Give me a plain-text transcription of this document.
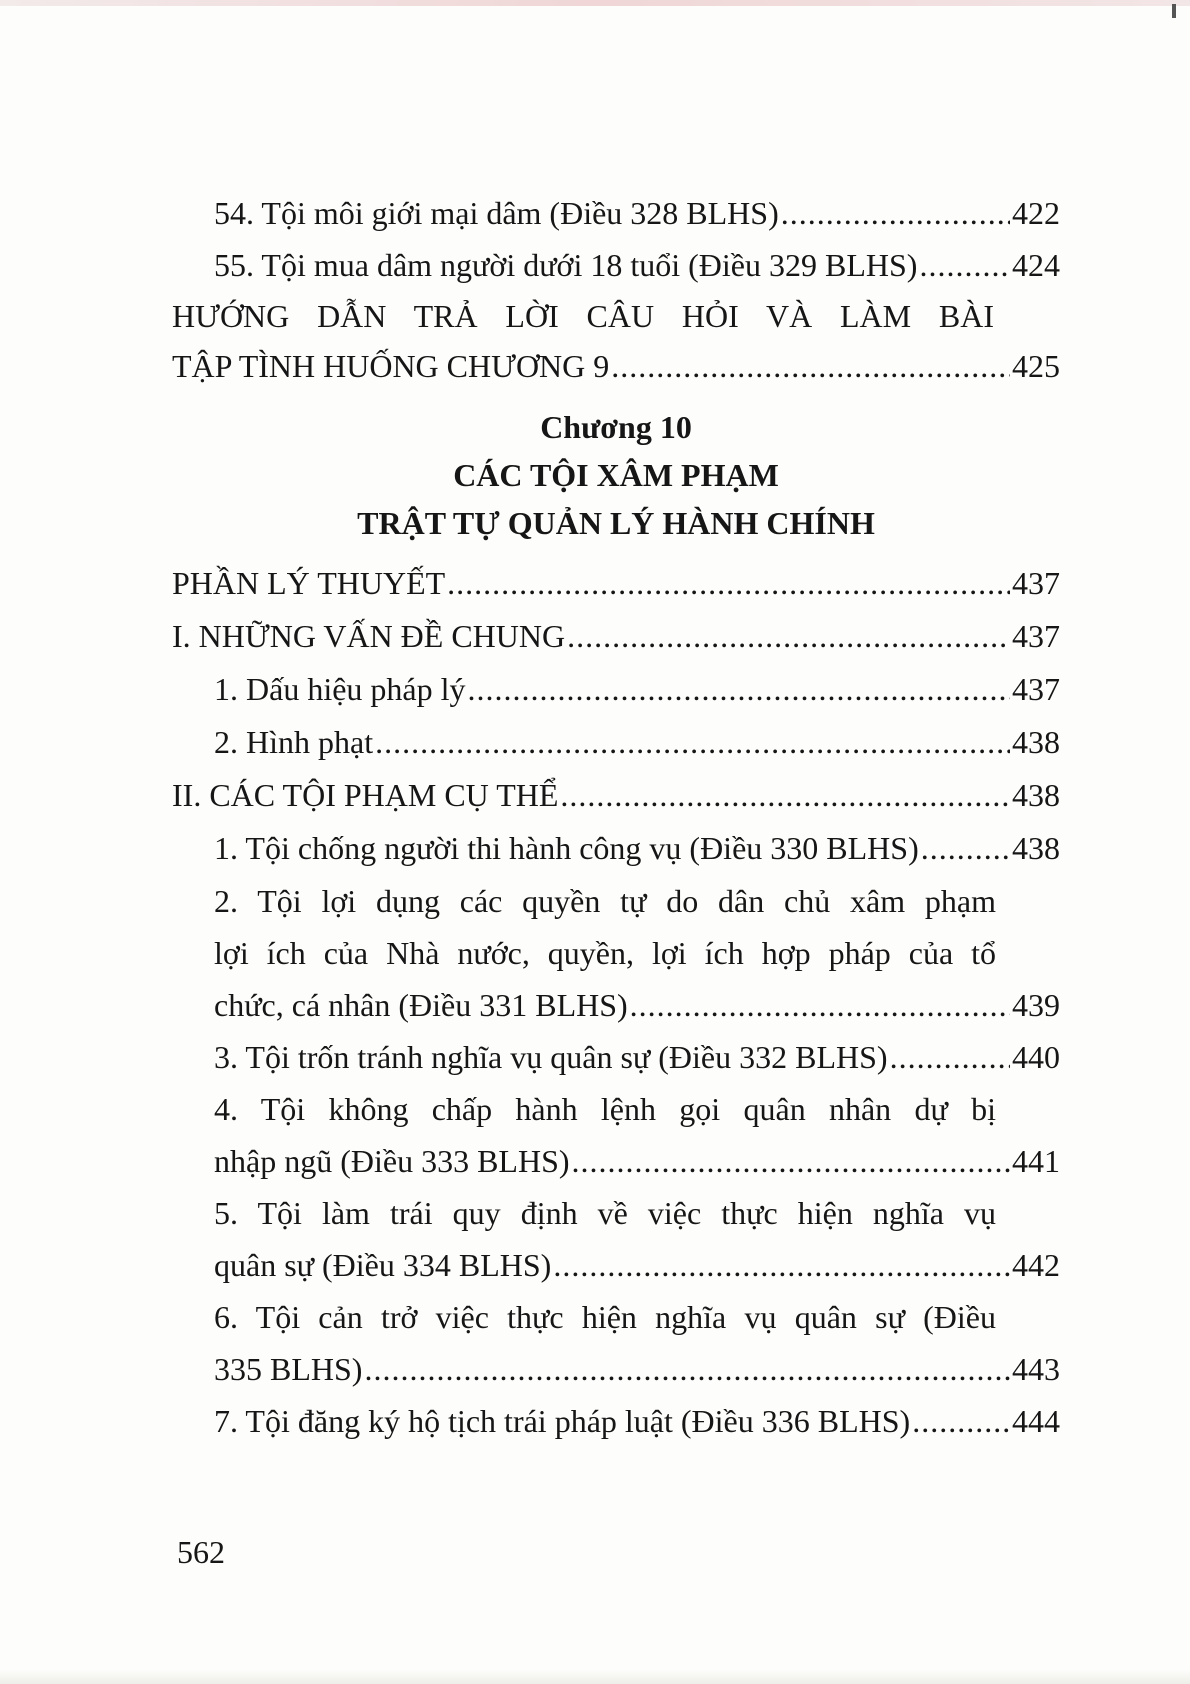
54. Tội môi giới mại dâm (Điều 328 BLHS) .....	422
55. Tội mua dâm người dưới 18 tuổi (Điều 329 BLHS) .....	424
HƯỚNG DẪN TRẢ LỜI CÂU HỎI VÀ LÀM BÀI
TẬP TÌNH HUỐNG CHƯƠNG 9 .....	425
Chương 10
CÁC TỘI XÂM PHẠM
TRẬT TỰ QUẢN LÝ HÀNH CHÍNH
PHẦN LÝ THUYẾT .....	437
I. NHỮNG VẤN ĐỀ CHUNG .....	437
1. Dấu hiệu pháp lý .....	437
2. Hình phạt .....	438
II. CÁC TỘI PHẠM CỤ THỂ .....	438
1. Tội chống người thi hành công vụ (Điều 330 BLHS) .....	438
2. Tội lợi dụng các quyền tự do dân chủ xâm phạm
lợi ích của Nhà nước, quyền, lợi ích hợp pháp của tổ
chức, cá nhân (Điều 331 BLHS) .....	439
3. Tội trốn tránh nghĩa vụ quân sự (Điều 332 BLHS) .....	440
4. Tội không chấp hành lệnh gọi quân nhân dự bị
nhập ngũ (Điều 333 BLHS) .....	441
5. Tội làm trái quy định về việc thực hiện nghĩa vụ
quân sự (Điều 334 BLHS) .....	442
6. Tội cản trở việc thực hiện nghĩa vụ quân sự (Điều
335 BLHS) .....	443
7. Tội đăng ký hộ tịch trái pháp luật (Điều 336 BLHS) .....	444
562
